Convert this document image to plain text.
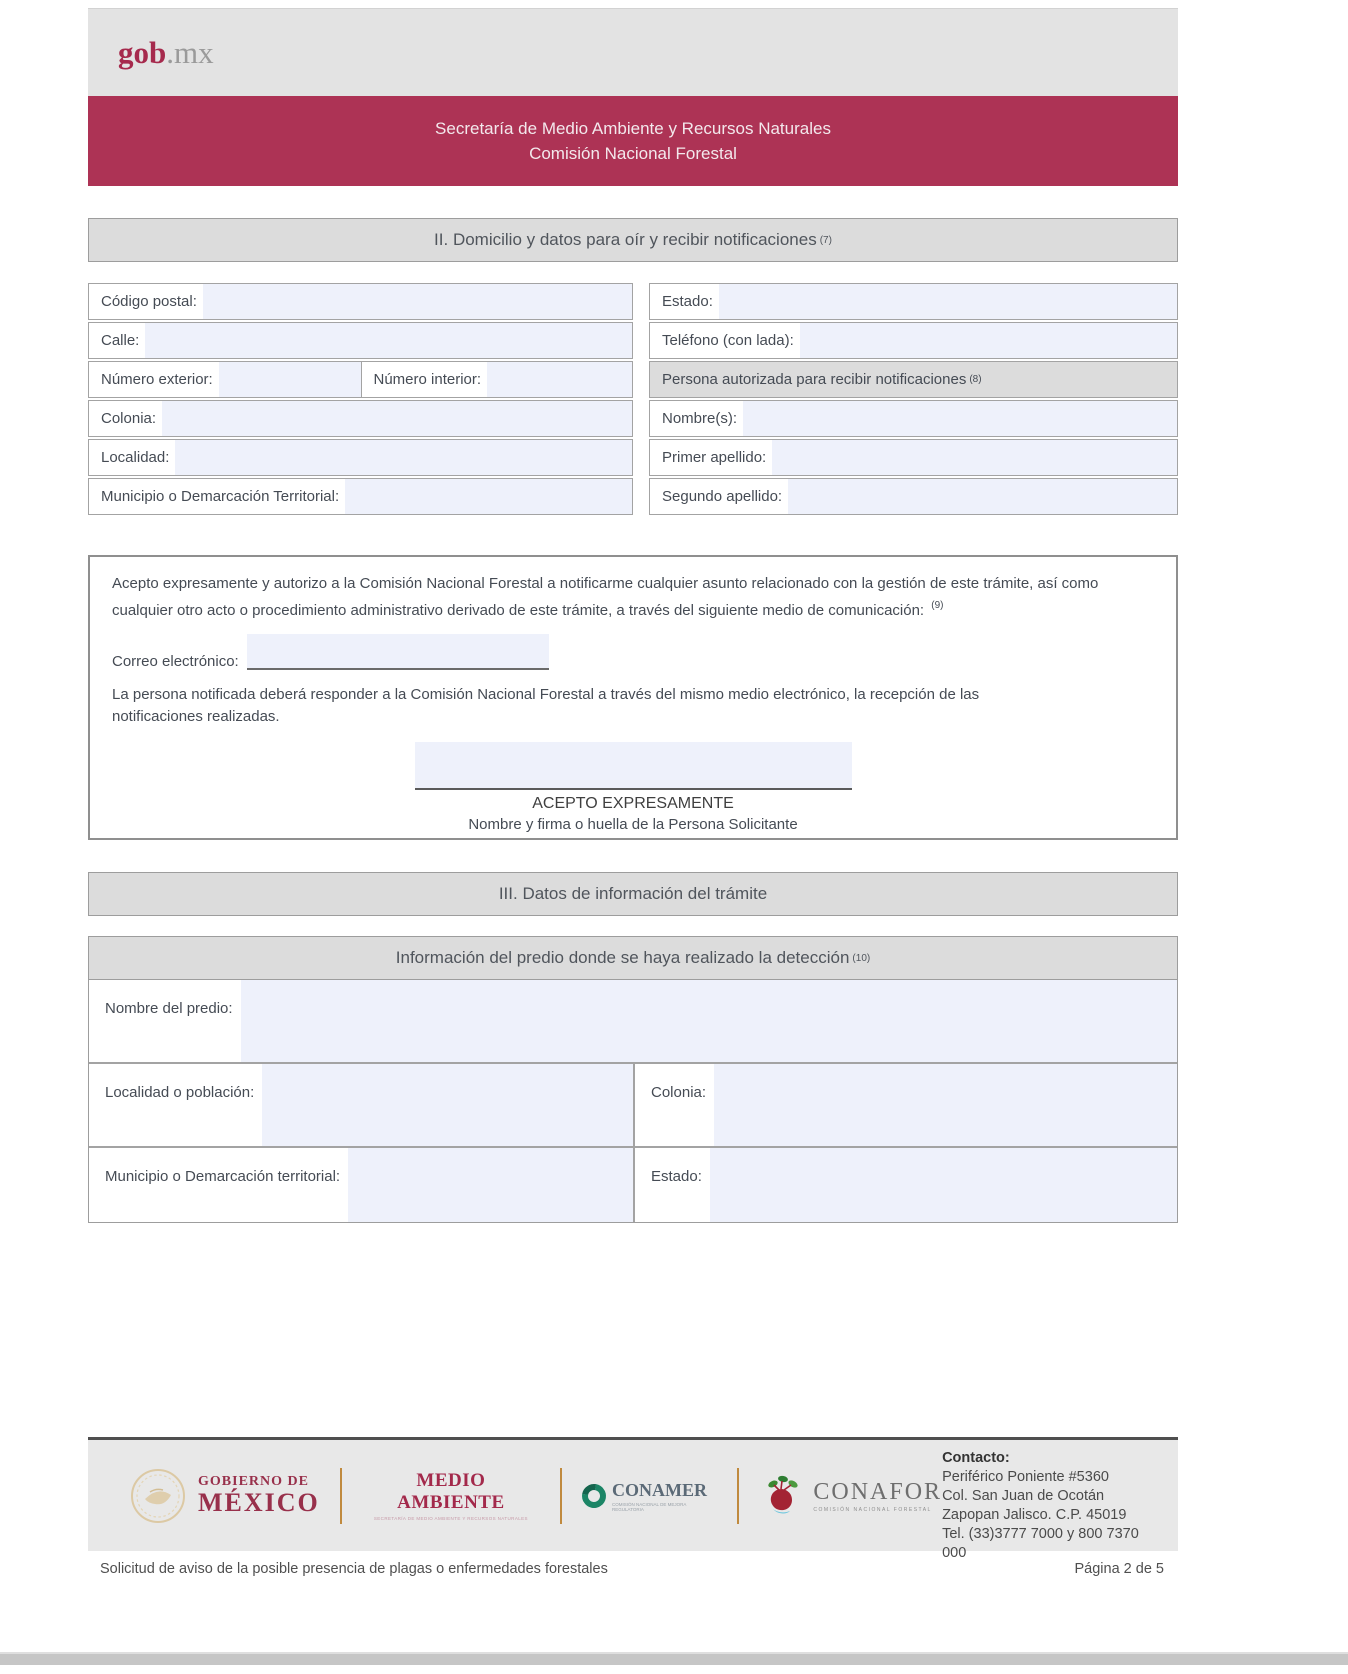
gob.mx
Secretaría de Medio Ambiente y Recursos Naturales
Comisión Nacional Forestal
II. Domicilio y datos para oír y recibir notificaciones (7)
Código postal:
Calle:
Número exterior:	Número interior:
Colonia:
Localidad:
Municipio o Demarcación Territorial:
Estado:
Teléfono (con lada):
Persona autorizada para recibir notificaciones (8)
Nombre(s):
Primer apellido:
Segundo apellido:

Acepto expresamente y autorizo a la Comisión Nacional Forestal a notificarme cualquier asunto relacionado con la gestión de este trámite, así como cualquier otro acto o procedimiento administrativo derivado de este trámite, a través del siguiente medio de comunicación: $^{(9)}$

Correo electrónico:

La persona notificada deberá responder a la Comisión Nacional Forestal a través del mismo medio electrónico, la recepción de las notificaciones realizadas.

ACEPTO EXPRESAMENTE
Nombre y firma o huella de la Persona Solicitante
III. Datos de información del trámite
Información del predio donde se haya realizado la detección (10)
Nombre del predio:
Localidad o población:	Colonia:
Municipio o Demarcación territorial:	Estado:
GOBIERNO DE
MÉXICO
MEDIO AMBIENTE
SECRETARÍA DE MEDIO AMBIENTE Y RECURSOS NATURALES
CONAMER
COMISIÓN NACIONAL DE MEJORA REGULATORIA
CONAFOR
COMISIÓN NACIONAL FORESTAL
Contacto:
Periférico Poniente #5360
Col. San Juan de Ocotán
Zapopan Jalisco. C.P. 45019
Tel. (33)3777 7000 y 800 7370 000
Solicitud de aviso de la posible presencia de plagas o enfermedades forestales	Página 2 de 5
